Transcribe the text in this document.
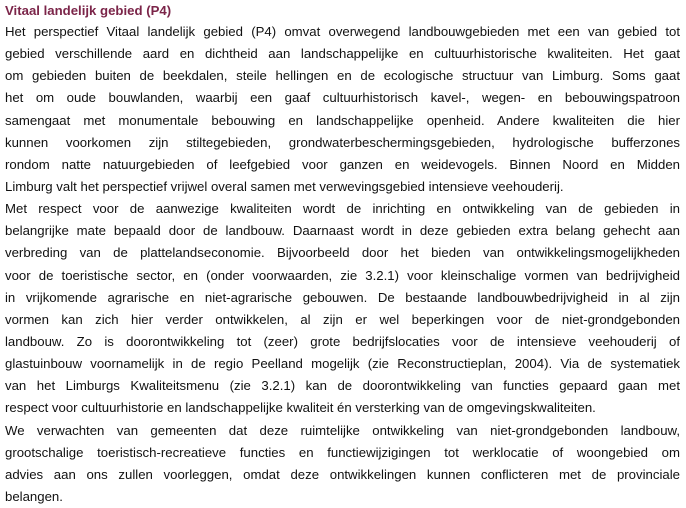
Vitaal landelijk gebied (P4)
Het perspectief Vitaal landelijk gebied (P4) omvat overwegend landbouwgebieden met een van gebied tot
gebied verschillende aard en dichtheid aan landschappelijke en cultuurhistorische kwaliteiten. Het gaat
om gebieden buiten de beekdalen, steile hellingen en de ecologische structuur van Limburg. Soms gaat
het om oude bouwlanden, waarbij een gaaf cultuurhistorisch kavel-, wegen- en bebouwingspatroon
samengaat met monumentale bebouwing en landschappelijke openheid. Andere kwaliteiten die hier
kunnen voorkomen zijn stiltegebieden, grondwaterbeschermingsgebieden, hydrologische bufferzones
rondom natte natuurgebieden of leefgebied voor ganzen en weidevogels. Binnen Noord en Midden
Limburg valt het perspectief vrijwel overal samen met verwevingsgebied intensieve veehouderij.
Met respect voor de aanwezige kwaliteiten wordt de inrichting en ontwikkeling van de gebieden in
belangrijke mate bepaald door de landbouw. Daarnaast wordt in deze gebieden extra belang gehecht aan
verbreding van de plattelandseconomie. Bijvoorbeeld door het bieden van ontwikkelingsmogelijkheden
voor de toeristische sector, en (onder voorwaarden, zie 3.2.1) voor kleinschalige vormen van bedrijvigheid
in vrijkomende agrarische en niet-agrarische gebouwen. De bestaande landbouwbedrijvigheid in al zijn
vormen kan zich hier verder ontwikkelen, al zijn er wel beperkingen voor de niet-grondgebonden
landbouw. Zo is doorontwikkeling tot (zeer) grote bedrijfslocaties voor de intensieve veehouderij of
glastuinbouw voornamelijk in de regio Peelland mogelijk (zie Reconstructieplan, 2004). Via de systematiek
van het Limburgs Kwaliteitsmenu (zie 3.2.1) kan de doorontwikkeling van functies gepaard gaan met
respect voor cultuurhistorie en landschappelijke kwaliteit én versterking van de omgevingskwaliteiten.
We verwachten van gemeenten dat deze ruimtelijke ontwikkeling van niet-grondgebonden landbouw,
grootschalige toeristisch-recreatieve functies en functiewijzigingen tot werklocatie of woongebied om
advies aan ons zullen voorleggen, omdat deze ontwikkelingen kunnen conflicteren met de provinciale
belangen.
